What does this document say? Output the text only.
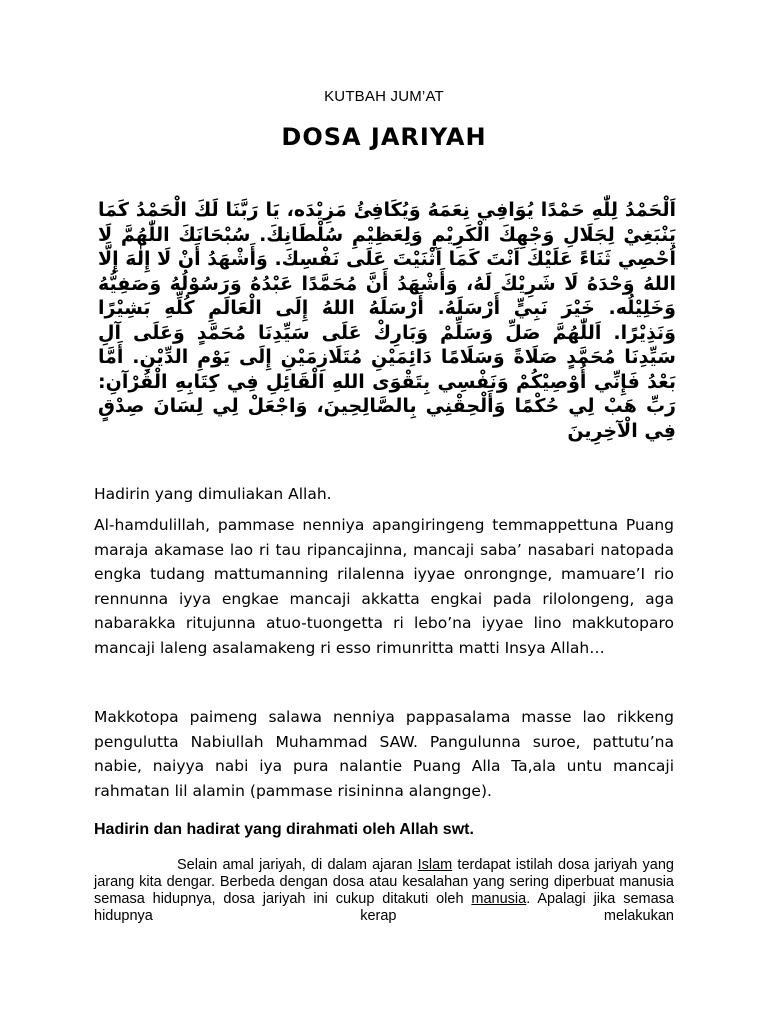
KUTBAH JUM’AT
DOSA JARIYAH

اَلْحَمْدُ لِلّٰهِ حَمْدًا يُوَافِي نِعَمَهُ وَيُكَافِئُ مَزِيْدَه، يَا رَبَّنَا لَكَ الْحَمْدُ كَمَا يَنْبَغِيْ لِجَلَالِ وَجْهِكَ الْكَرِيْمِ وَلِعَظِيْمِ سُلْطَانِكَ. سُبْحَانَكَ اللّٰهُمَّ لَا اُحْصِي ثَنَاءً عَلَيْكَ اَنْتَ كَمَا اَثْنَيْتَ عَلَى نَفْسِكَ. وَأَشْهَدُ أَنْ لَا إِلٰهَ إِلَّا اللهُ وَحْدَهُ لَا شَرِيْكَ لَهُ، وَأَشْهَدُ أَنَّ مُحَمَّدًا عَبْدُهُ وَرَسُوْلُهُ وَصَفِيُّهُ وَخَلِيْلُه. خَيْرَ نَبِيٍّ أَرْسَلَهُ. أَرْسَلَهُ اللهُ إِلَى الْعَالَمِ كُلِّهِ بَشِيْرًا وَنَذِيْرًا. اَللّٰهُمَّ صَلِّ وَسَلِّمْ وَبَارِكْ عَلَى سَيِّدِنَا مُحَمَّدٍ وَعَلَى آلِ سَيِّدِنَا مُحَمَّدٍ صَلَاةً وَسَلَامًا دَائِمَيْنِ مُتَلَازِمَيْنِ إِلَى يَوْمِ الدِّيْنِ. أَمَّا بَعْدُ فَإِنِّي أُوْصِيْكُمْ وَنَفْسِي بِتَقْوَى اللهِ الْقَائِلِ فِي كِتَابِهِ الْقُرْآنِ: رَبِّ هَبْ لِي حُكْمًا وَأَلْحِقْنِي بِالصَّالِحِينَ، وَاجْعَلْ لِي لِسَانَ صِدْقٍ فِي الْآخِرِينَ

Hadirin yang dimuliakan Allah.

Al-hamdulillah, pammase nenniya apangiringeng temmappettuna Puang maraja akamase lao ri tau ripancajinna, mancaji saba’ nasabari natopada engka tudang mattumanning rilalenna iyyae onrongnge, mamuare’I rio rennunna iyya engkae mancaji akkatta engkai pada rilolongeng, aga nabarakka ritujunna atuo-tuongetta ri lebo’na iyyae lino makkutoparo mancaji laleng asalamakeng ri esso rimunritta matti Insya Allah…

Makkotopa paimeng salawa nenniya pappasalama masse lao rikkeng pengulutta Nabiullah Muhammad SAW. Pangulunna suroe, pattutu’na nabie, naiyya nabi iya pura nalantie Puang Alla Ta,ala untu mancaji rahmatan lil alamin (pammase risininna alangnge).

Hadirin dan hadirat yang dirahmati oleh Allah swt.

Selain amal jariyah, di dalam ajaran Islam terdapat istilah dosa jariyah yang jarang kita dengar. Berbeda dengan dosa atau kesalahan yang sering diperbuat manusia semasa hidupnya, dosa jariyah ini cukup ditakuti oleh manusia. Apalagi jika semasa hidupnya kerap melakukan
